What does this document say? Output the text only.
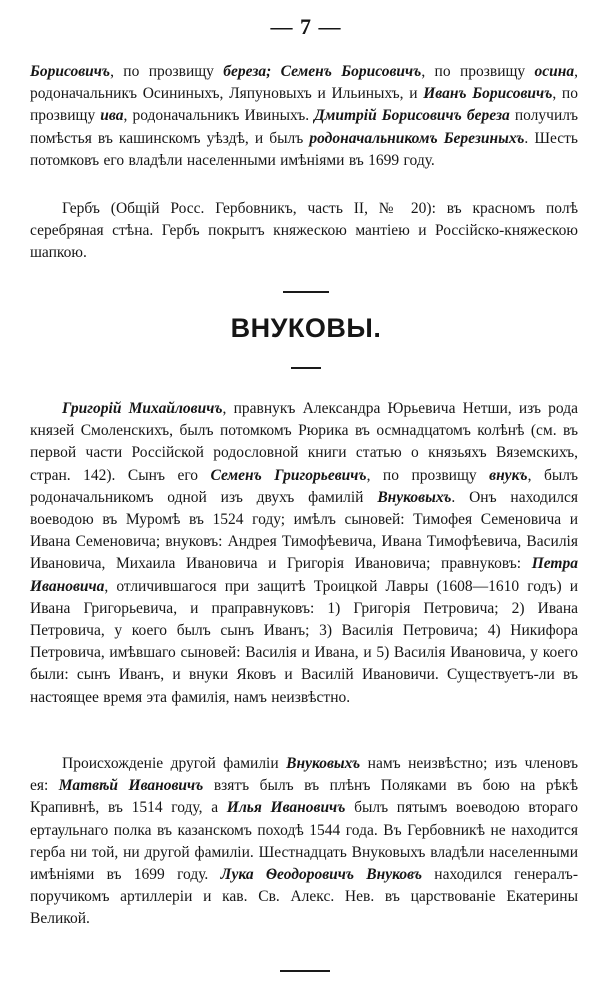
— 7 —

Борисовичъ, по прозвищу береза; Семенъ Борисовичъ, по прозвищу осина, родоначальникъ Осининыхъ, Ляпуновыхъ и Ильиныхъ, и Иванъ Борисовичъ, по прозвищу ива, родоначальникъ Ивиныхъ. Дмитрій Борисовичъ береза получилъ помѣстья въ кашинскомъ уѣздѣ, и былъ родоначальникомъ Березиныхъ. Шесть потомковъ его владѣли населенными имѣніями въ 1699 году.

Гербъ (Общій Росс. Гербовникъ, часть II, № 20): въ красномъ полѣ серебряная стѣна. Гербъ покрытъ княжескою мантіею и Россійско-княжескою шапкою.

ВНУКОВЫ.

Григорій Михайловичъ, правнукъ Александра Юрьевича Нетши, изъ рода князей Смоленскихъ, былъ потомкомъ Рюрика въ осмнадцатомъ колѣнѣ (см. въ первой части Россійской родословной книги статью о князьяхъ Вяземскихъ, стран. 142). Сынъ его Семенъ Григорьевичъ, по прозвищу внукъ, былъ родоначальникомъ одной изъ двухъ фамилій Внуковыхъ. Онъ находился воеводою въ Муромѣ въ 1524 году; имѣлъ сыновей: Тимофея Семеновича и Ивана Семеновича; внуковъ: Андрея Тимофѣевича, Ивана Тимофѣевича, Василія Ивановича, Михаила Ивановича и Григорія Ивановича; правнуковъ: Петра Ивановича, отличившагося при защитѣ Троицкой Лавры (1608—1610 годъ) и Ивана Григорьевича, и праправнуковъ: 1) Григорія Петровича; 2) Ивана Петровича, у коего былъ сынъ Иванъ; 3) Василія Петровича; 4) Никифора Петровича, имѣвшаго сыновей: Василія и Ивана, и 5) Василія Ивановича, у коего были: сынъ Иванъ, и внуки Яковъ и Василій Ивановичи. Существуетъ-ли въ настоящее время эта фамилія, намъ неизвѣстно.

Происхожденіе другой фамиліи Внуковыхъ намъ неизвѣстно; изъ членовъ ея: Матвѣй Ивановичъ взятъ былъ въ плѣнъ Поляками въ бою на рѣкѣ Крапивнѣ, въ 1514 году, а Илья Ивановичъ былъ пятымъ воеводою втораго ертаульнаго полка въ казанскомъ походѣ 1544 года. Въ Гербовникѣ не находится герба ни той, ни другой фамиліи. Шестнадцать Внуковыхъ владѣли населенными имѣніями въ 1699 году. Лука Ѳеодоровичъ Внуковъ находился генералъ-поручикомъ артиллеріи и кав. Св. Алекс. Нев. въ царствованіе Екатерины Великой.
